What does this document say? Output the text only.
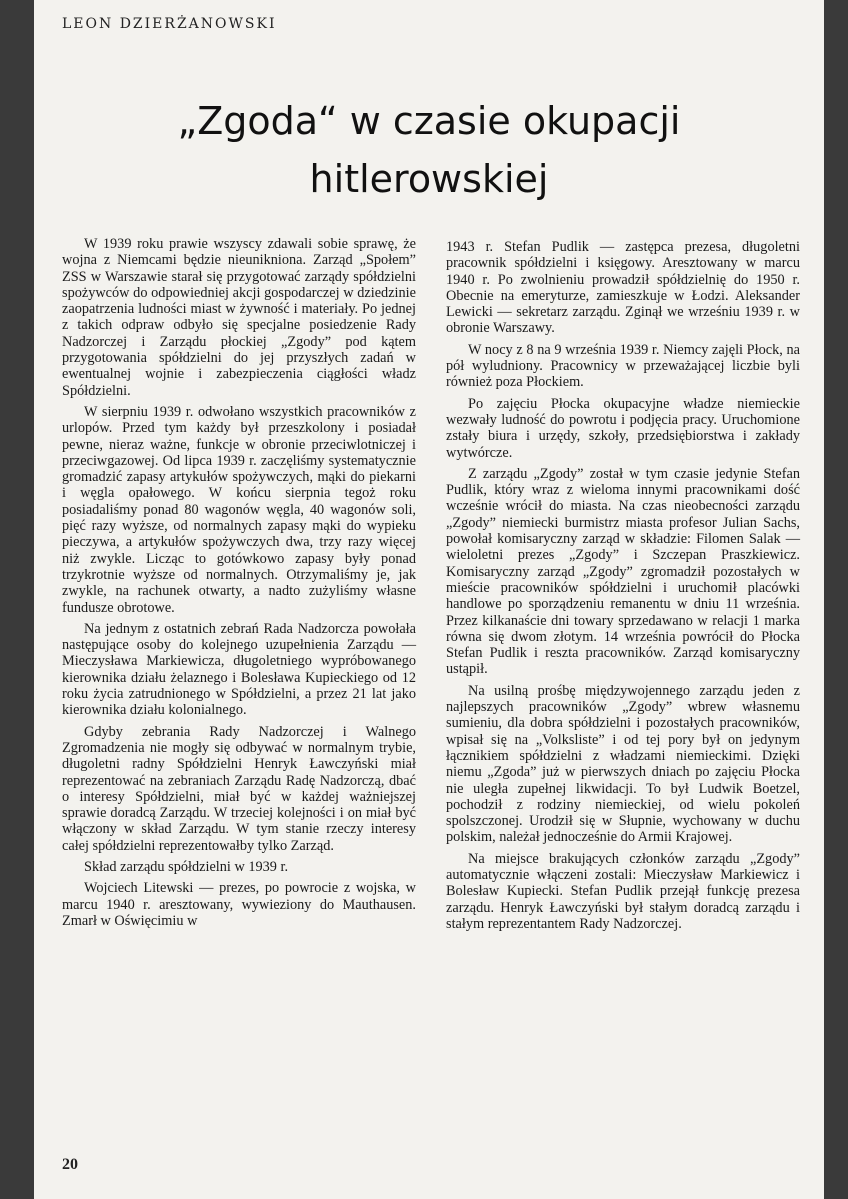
LEON DZIERŻANOWSKI
„Zgoda“ w czasie okupacji
hitlerowskiej

W 1939 roku prawie wszyscy zdawali sobie sprawę, że wojna z Niemcami będzie nieunikniona. Zarząd „Społem” ZSS w Warszawie starał się przygotować zarządy spółdzielni spożywców do odpowiedniej akcji gospodarczej w dziedzinie zaopatrzenia ludności miast w żywność i materiały. Po jednej z takich odpraw odbyło się specjalne posiedzenie Rady Nadzorczej i Zarządu płockiej „Zgody” pod kątem przygotowania spółdzielni do jej przyszłych zadań w ewentualnej wojnie i zabezpieczenia ciągłości władz Spółdzielni.

W sierpniu 1939 r. odwołano wszystkich pracowników z urlopów. Przed tym każdy był przeszkolony i posiadał pewne, nieraz ważne, funkcje w obronie przeciwlotniczej i przeciwgazowej. Od lipca 1939 r. zaczęliśmy systematycznie gromadzić zapasy artykułów spożywczych, mąki do piekarni i węgla opałowego. W końcu sierpnia tegoż roku posiadaliśmy ponad 80 wagonów węgla, 40 wagonów soli, pięć razy wyższe, od normalnych zapasy mąki do wypieku pieczywa, a artykułów spożywczych dwa, trzy razy więcej niż zwykle. Licząc to gotówkowo zapasy były ponad trzykrotnie wyższe od normalnych. Otrzymaliśmy je, jak zwykle, na rachunek otwarty, a nadto zużyliśmy własne fundusze obrotowe.

Na jednym z ostatnich zebrań Rada Nadzorcza powołała następujące osoby do kolejnego uzupełnienia Zarządu — Mieczysława Markiewicza, długoletniego wypróbowanego kierownika działu żelaznego i Bolesława Kupieckiego od 12 roku życia zatrudnionego w Spółdzielni, a przez 21 lat jako kierownika działu kolonialnego.

Gdyby zebrania Rady Nadzorczej i Walnego Zgromadzenia nie mogły się odbywać w normalnym trybie, długoletni radny Spółdzielni Henryk Ławczyński miał reprezentować na zebraniach Zarządu Radę Nadzorczą, dbać o interesy Spółdzielni, miał być w każdej ważniejszej sprawie doradcą Zarządu. W trzeciej kolejności i on miał być włączony w skład Zarządu. W tym stanie rzeczy interesy całej spółdzielni reprezentowałby tylko Zarząd.

Skład zarządu spółdzielni w 1939 r.

Wojciech Litewski — prezes, po powrocie z wojska, w marcu 1940 r. aresztowany, wywieziony do Mauthausen. Zmarł w Oświęcimiu w

1943 r. Stefan Pudlik — zastępca prezesa, długoletni pracownik spółdzielni i księgowy. Aresztowany w marcu 1940 r. Po zwolnieniu prowadził spółdzielnię do 1950 r. Obecnie na emeryturze, zamieszkuje w Łodzi. Aleksander Lewicki — sekretarz zarządu. Zginął we wrześniu 1939 r. w obronie Warszawy.

W nocy z 8 na 9 września 1939 r. Niemcy zajęli Płock, na pół wyludniony. Pracownicy w przeważającej liczbie byli również poza Płockiem.

Po zajęciu Płocka okupacyjne władze niemieckie wezwały ludność do powrotu i podjęcia pracy. Uruchomione zstały biura i urzędy, szkoły, przedsiębiorstwa i zakłady wytwórcze.

Z zarządu „Zgody” został w tym czasie jedynie Stefan Pudlik, który wraz z wieloma innymi pracownikami dość wcześnie wrócił do miasta. Na czas nieobecności zarządu „Zgody” niemiecki burmistrz miasta profesor Julian Sachs, powołał komisaryczny zarząd w składzie: Filomen Salak — wieloletni prezes „Zgody” i Szczepan Praszkiewicz. Komisaryczny zarząd „Zgody” zgromadził pozostałych w mieście pracowników spółdzielni i uruchomił placówki handlowe po sporządzeniu remanentu w dniu 11 września. Przez kilkanaście dni towary sprzedawano w relacji 1 marka równa się dwom złotym. 14 września powrócił do Płocka Stefan Pudlik i reszta pracowników. Zarząd komisaryczny ustąpił.

Na usilną prośbę międzywojennego zarządu jeden z najlepszych pracowników „Zgody” wbrew własnemu sumieniu, dla dobra spółdzielni i pozostałych pracowników, wpisał się na „Volksliste” i od tej pory był on jedynym łącznikiem spółdzielni z władzami niemieckimi. Dzięki niemu „Zgoda” już w pierwszych dniach po zajęciu Płocka nie uległa zupełnej likwidacji. To był Ludwik Boetzel, pochodził z rodziny niemieckiej, od wielu pokoleń spolszczonej. Urodził się w Słupnie, wychowany w duchu polskim, należał jednocześnie do Armii Krajowej.

Na miejsce brakujących członków zarządu „Zgody” automatycznie włączeni zostali: Mieczysław Markiewicz i Bolesław Kupiecki. Stefan Pudlik przejął funkcję prezesa zarządu. Henryk Ławczyński był stałym doradcą zarządu i stałym reprezentantem Rady Nadzorczej.

20
